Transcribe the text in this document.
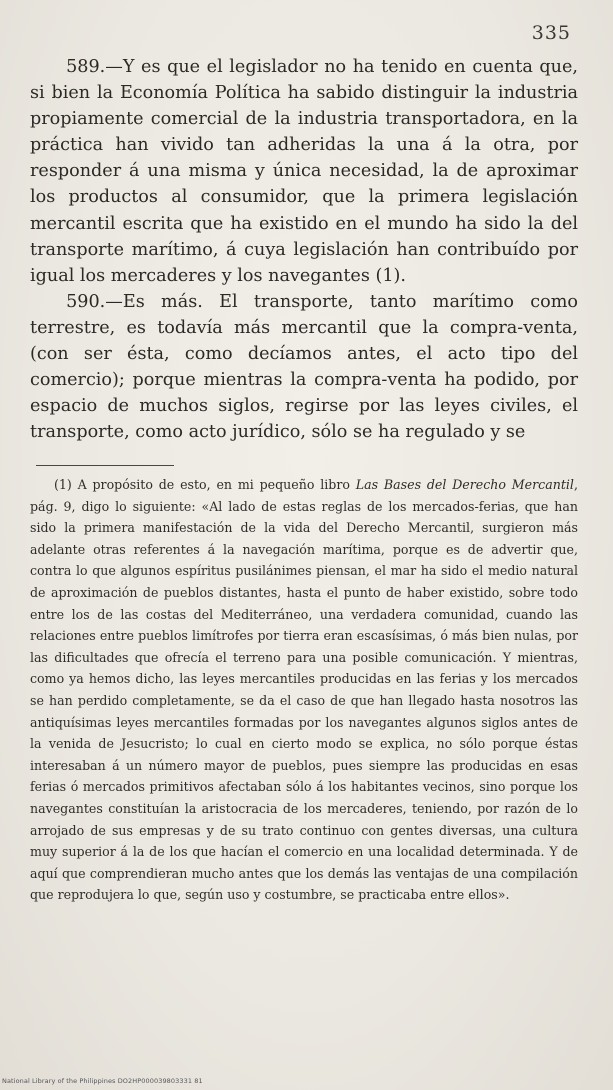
335

589.—Y es que el legislador no ha tenido en cuenta que, si bien la Economía Política ha sabido distinguir la industria propiamente comercial de la industria transportadora, en la práctica han vivido tan adheridas la una á la otra, por responder á una misma y única necesidad, la de aproximar los productos al consumidor, que la primera legislación mercantil escrita que ha existido en el mundo ha sido la del transporte marítimo, á cuya legislación han contribuído por igual los mercaderes y los navegantes (1).

590.—Es más. El transporte, tanto marítimo como terrestre, es todavía más mercantil que la compra-venta, (con ser ésta, como decíamos antes, el acto tipo del comercio); porque mientras la compra-venta ha podido, por espacio de muchos siglos, regirse por las leyes civiles, el transporte, como acto jurídico, sólo se ha regulado y se

(1) A propósito de esto, en mi pequeño libro Las Bases del Derecho Mercantil, pág. 9, digo lo siguiente: «Al lado de estas reglas de los mercados-ferias, que han sido la primera manifestación de la vida del Derecho Mercantil, surgieron más adelante otras referentes á la navegación marítima, porque es de advertir que, contra lo que algunos espíritus pusilánimes piensan, el mar ha sido el medio natural de aproximación de pueblos distantes, hasta el punto de haber existido, sobre todo entre los de las costas del Mediterráneo, una verdadera comunidad, cuando las relaciones entre pueblos limítrofes por tierra eran escasísimas, ó más bien nulas, por las dificultades que ofrecía el terreno para una posible comunicación. Y mientras, como ya hemos dicho, las leyes mercantiles producidas en las ferias y los mercados se han perdido completamente, se da el caso de que han llegado hasta nosotros las antiquísimas leyes mercantiles formadas por los navegantes algunos siglos antes de la venida de Jesucristo; lo cual en cierto modo se explica, no sólo porque éstas interesaban á un número mayor de pueblos, pues siempre las producidas en esas ferias ó mercados primitivos afectaban sólo á los habitantes vecinos, sino porque los navegantes constituían la aristocracia de los mercaderes, teniendo, por razón de lo arrojado de sus empresas y de su trato continuo con gentes diversas, una cultura muy superior á la de los que hacían el comercio en una localidad determinada. Y de aquí que comprendieran mucho antes que los demás las ventajas de una compilación que reprodujera lo que, según uso y costumbre, se practicaba entre ellos».

National Library of the Philippines DO2HP000039803331 81
